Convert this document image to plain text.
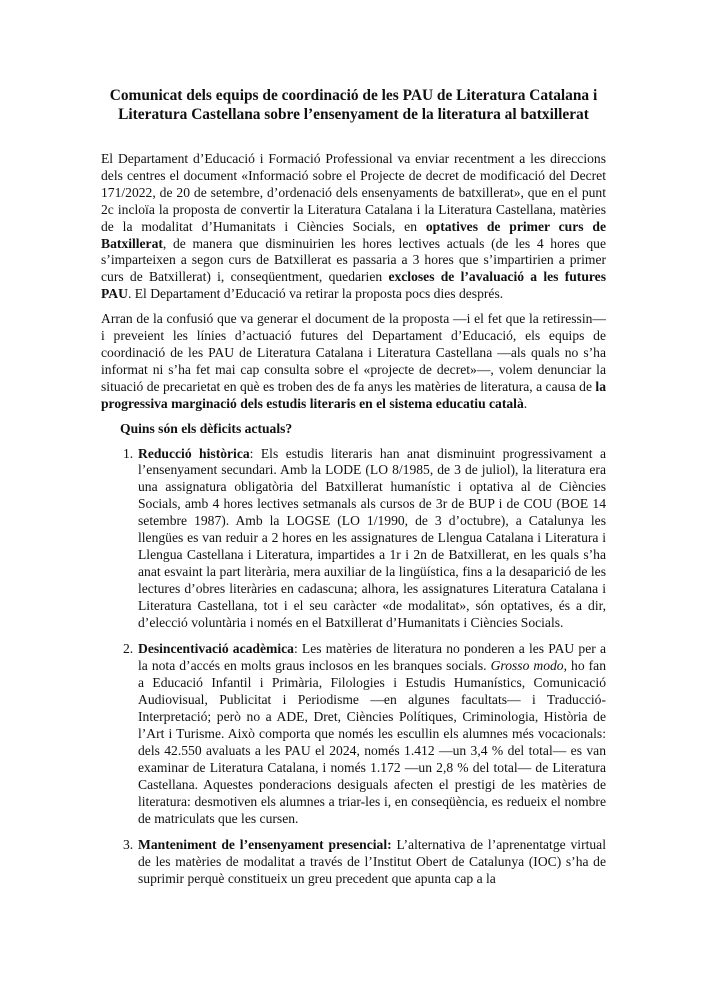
Comunicat dels equips de coordinació de les PAU de Literatura Catalana i Literatura Castellana sobre l’ensenyament de la literatura al batxillerat

El Departament d’Educació i Formació Professional va enviar recentment a les direccions dels centres el document «Informació sobre el Projecte de decret de modificació del Decret 171/2022, de 20 de setembre, d’ordenació dels ensenyaments de batxillerat», que en el punt 2c incloïa la proposta de convertir la Literatura Catalana i la Literatura Castellana, matèries de la modalitat d’Humanitats i Ciències Socials, en optatives de primer curs de Batxillerat, de manera que disminuirien les hores lectives actuals (de les 4 hores que s’imparteixen a segon curs de Batxillerat es passaria a 3 hores que s’impartirien a primer curs de Batxillerat) i, conseqüentment, quedarien excloses de l’avaluació a les futures PAU. El Departament d’Educació va retirar la proposta pocs dies després.

Arran de la confusió que va generar el document de la proposta —i el fet que la retiressin— i preveient les línies d’actuació futures del Departament d’Educació, els equips de coordinació de les PAU de Literatura Catalana i Literatura Castellana —als quals no s’ha informat ni s’ha fet mai cap consulta sobre el «projecte de decret»—, volem denunciar la situació de precarietat en què es troben des de fa anys les matèries de literatura, a causa de la progressiva marginació dels estudis literaris en el sistema educatiu català.

Quins són els dèficits actuals?
1. Reducció històrica: Els estudis literaris han anat disminuint progressivament a l’ensenyament secundari. Amb la LODE (LO 8/1985, de 3 de juliol), la literatura era una assignatura obligatòria del Batxillerat humanístic i optativa al de Ciències Socials, amb 4 hores lectives setmanals als cursos de 3r de BUP i de COU (BOE 14 setembre 1987). Amb la LOGSE (LO 1/1990, de 3 d’octubre), a Catalunya les llengües es van reduir a 2 hores en les assignatures de Llengua Catalana i Literatura i Llengua Castellana i Literatura, impartides a 1r i 2n de Batxillerat, en les quals s’ha anat esvaint la part literària, mera auxiliar de la lingüística, fins a la desaparició de les lectures d’obres literàries en cadascuna; alhora, les assignatures Literatura Catalana i Literatura Castellana, tot i el seu caràcter «de modalitat», són optatives, és a dir, d’elecció voluntària i només en el Batxillerat d’Humanitats i Ciències Socials.
2. Desincentivació acadèmica: Les matèries de literatura no ponderen a les PAU per a la nota d’accés en molts graus inclosos en les branques socials. Grosso modo, ho fan a Educació Infantil i Primària, Filologies i Estudis Humanístics, Comunicació Audiovisual, Publicitat i Periodisme —en algunes facultats— i Traducció-Interpretació; però no a ADE, Dret, Ciències Polítiques, Criminologia, Història de l’Art i Turisme. Això comporta que només les escullin els alumnes més vocacionals: dels 42.550 avaluats a les PAU el 2024, només 1.412 —un 3,4 % del total— es van examinar de Literatura Catalana, i només 1.172 —un 2,8 % del total— de Literatura Castellana. Aquestes ponderacions desiguals afecten el prestigi de les matèries de literatura: desmotiven els alumnes a triar-les i, en conseqüència, es redueix el nombre de matriculats que les cursen.
3. Manteniment de l’ensenyament presencial: L’alternativa de l’aprenentatge virtual de les matèries de modalitat a través de l’Institut Obert de Catalunya (IOC) s’ha de suprimir perquè constitueix un greu precedent que apunta cap a la
